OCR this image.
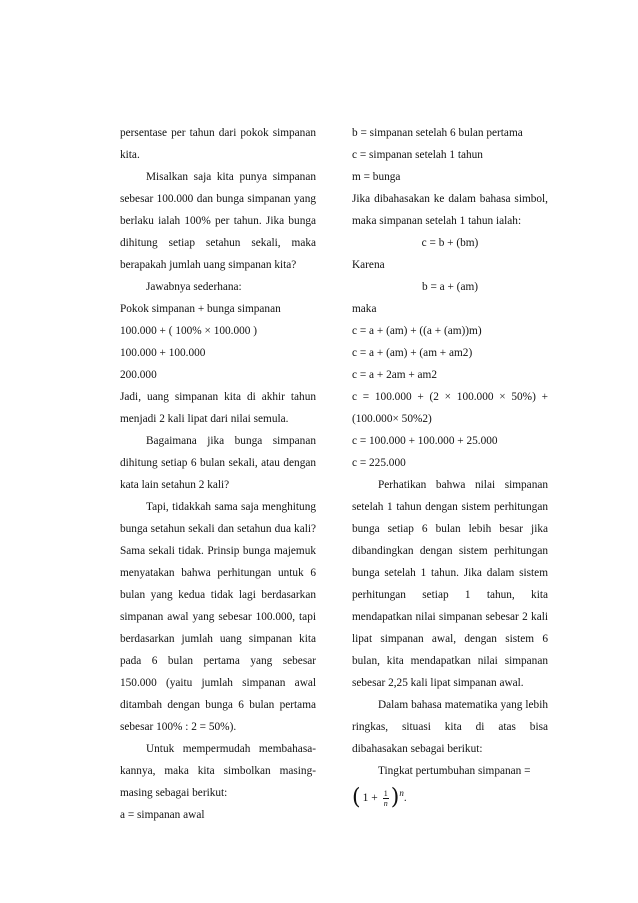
persentase per tahun dari pokok simpanan kita.

Misalkan saja kita punya simpanan sebesar 100.000 dan bunga simpanan yang berlaku ialah 100% per tahun. Jika bunga dihitung setiap setahun sekali, maka berapakah jumlah uang simpanan kita?

Jawabnya sederhana:

Pokok simpanan + bunga simpanan

100.000 + ( 100% × 100.000 )

100.000 + 100.000

200.000

Jadi, uang simpanan kita di akhir tahun menjadi 2 kali lipat dari nilai semula.

Bagaimana jika bunga simpanan dihitung setiap 6 bulan sekali, atau dengan kata lain setahun 2 kali?

Tapi, tidakkah sama saja menghitung bunga setahun sekali dan setahun dua kali? Sama sekali tidak. Prinsip bunga majemuk menyatakan bahwa perhitungan untuk 6 bulan yang kedua tidak lagi berdasarkan simpanan awal yang sebesar 100.000, tapi berdasarkan jumlah uang simpanan kita pada 6 bulan pertama yang sebesar 150.000 (yaitu jumlah simpanan awal ditambah dengan bunga 6 bulan pertama sebesar 100% : 2 = 50%).

Untuk mempermudah membahasa-kannya, maka kita simbolkan masing-masing sebagai berikut:

a = simpanan awal

b = simpanan setelah 6 bulan pertama

c = simpanan setelah 1 tahun

m = bunga

Jika dibahasakan ke dalam bahasa simbol, maka simpanan setelah 1 tahun ialah:

c = b + (bm)

Karena

b = a + (am)

maka

c = a + (am) + ((a + (am))m)

c = a + (am) + (am + am2)

c = a + 2am + am2

c = 100.000 + (2 × 100.000 × 50%) + (100.000× 50%2)

c = 100.000 + 100.000 + 25.000

c = 225.000

Perhatikan bahwa nilai simpanan setelah 1 tahun dengan sistem perhitungan bunga setiap 6 bulan lebih besar jika dibandingkan dengan sistem perhitungan bunga setelah 1 tahun. Jika dalam sistem perhitungan setiap 1 tahun, kita mendapatkan nilai simpanan sebesar 2 kali lipat simpanan awal, dengan sistem 6 bulan, kita mendapatkan nilai simpanan sebesar 2,25 kali lipat simpanan awal.

Dalam bahasa matematika yang lebih ringkas, situasi kita di atas bisa dibahasakan sebagai berikut:

Tingkat pertumbuhan simpanan =

( $1 + \frac{1}{n}$ ) n .
